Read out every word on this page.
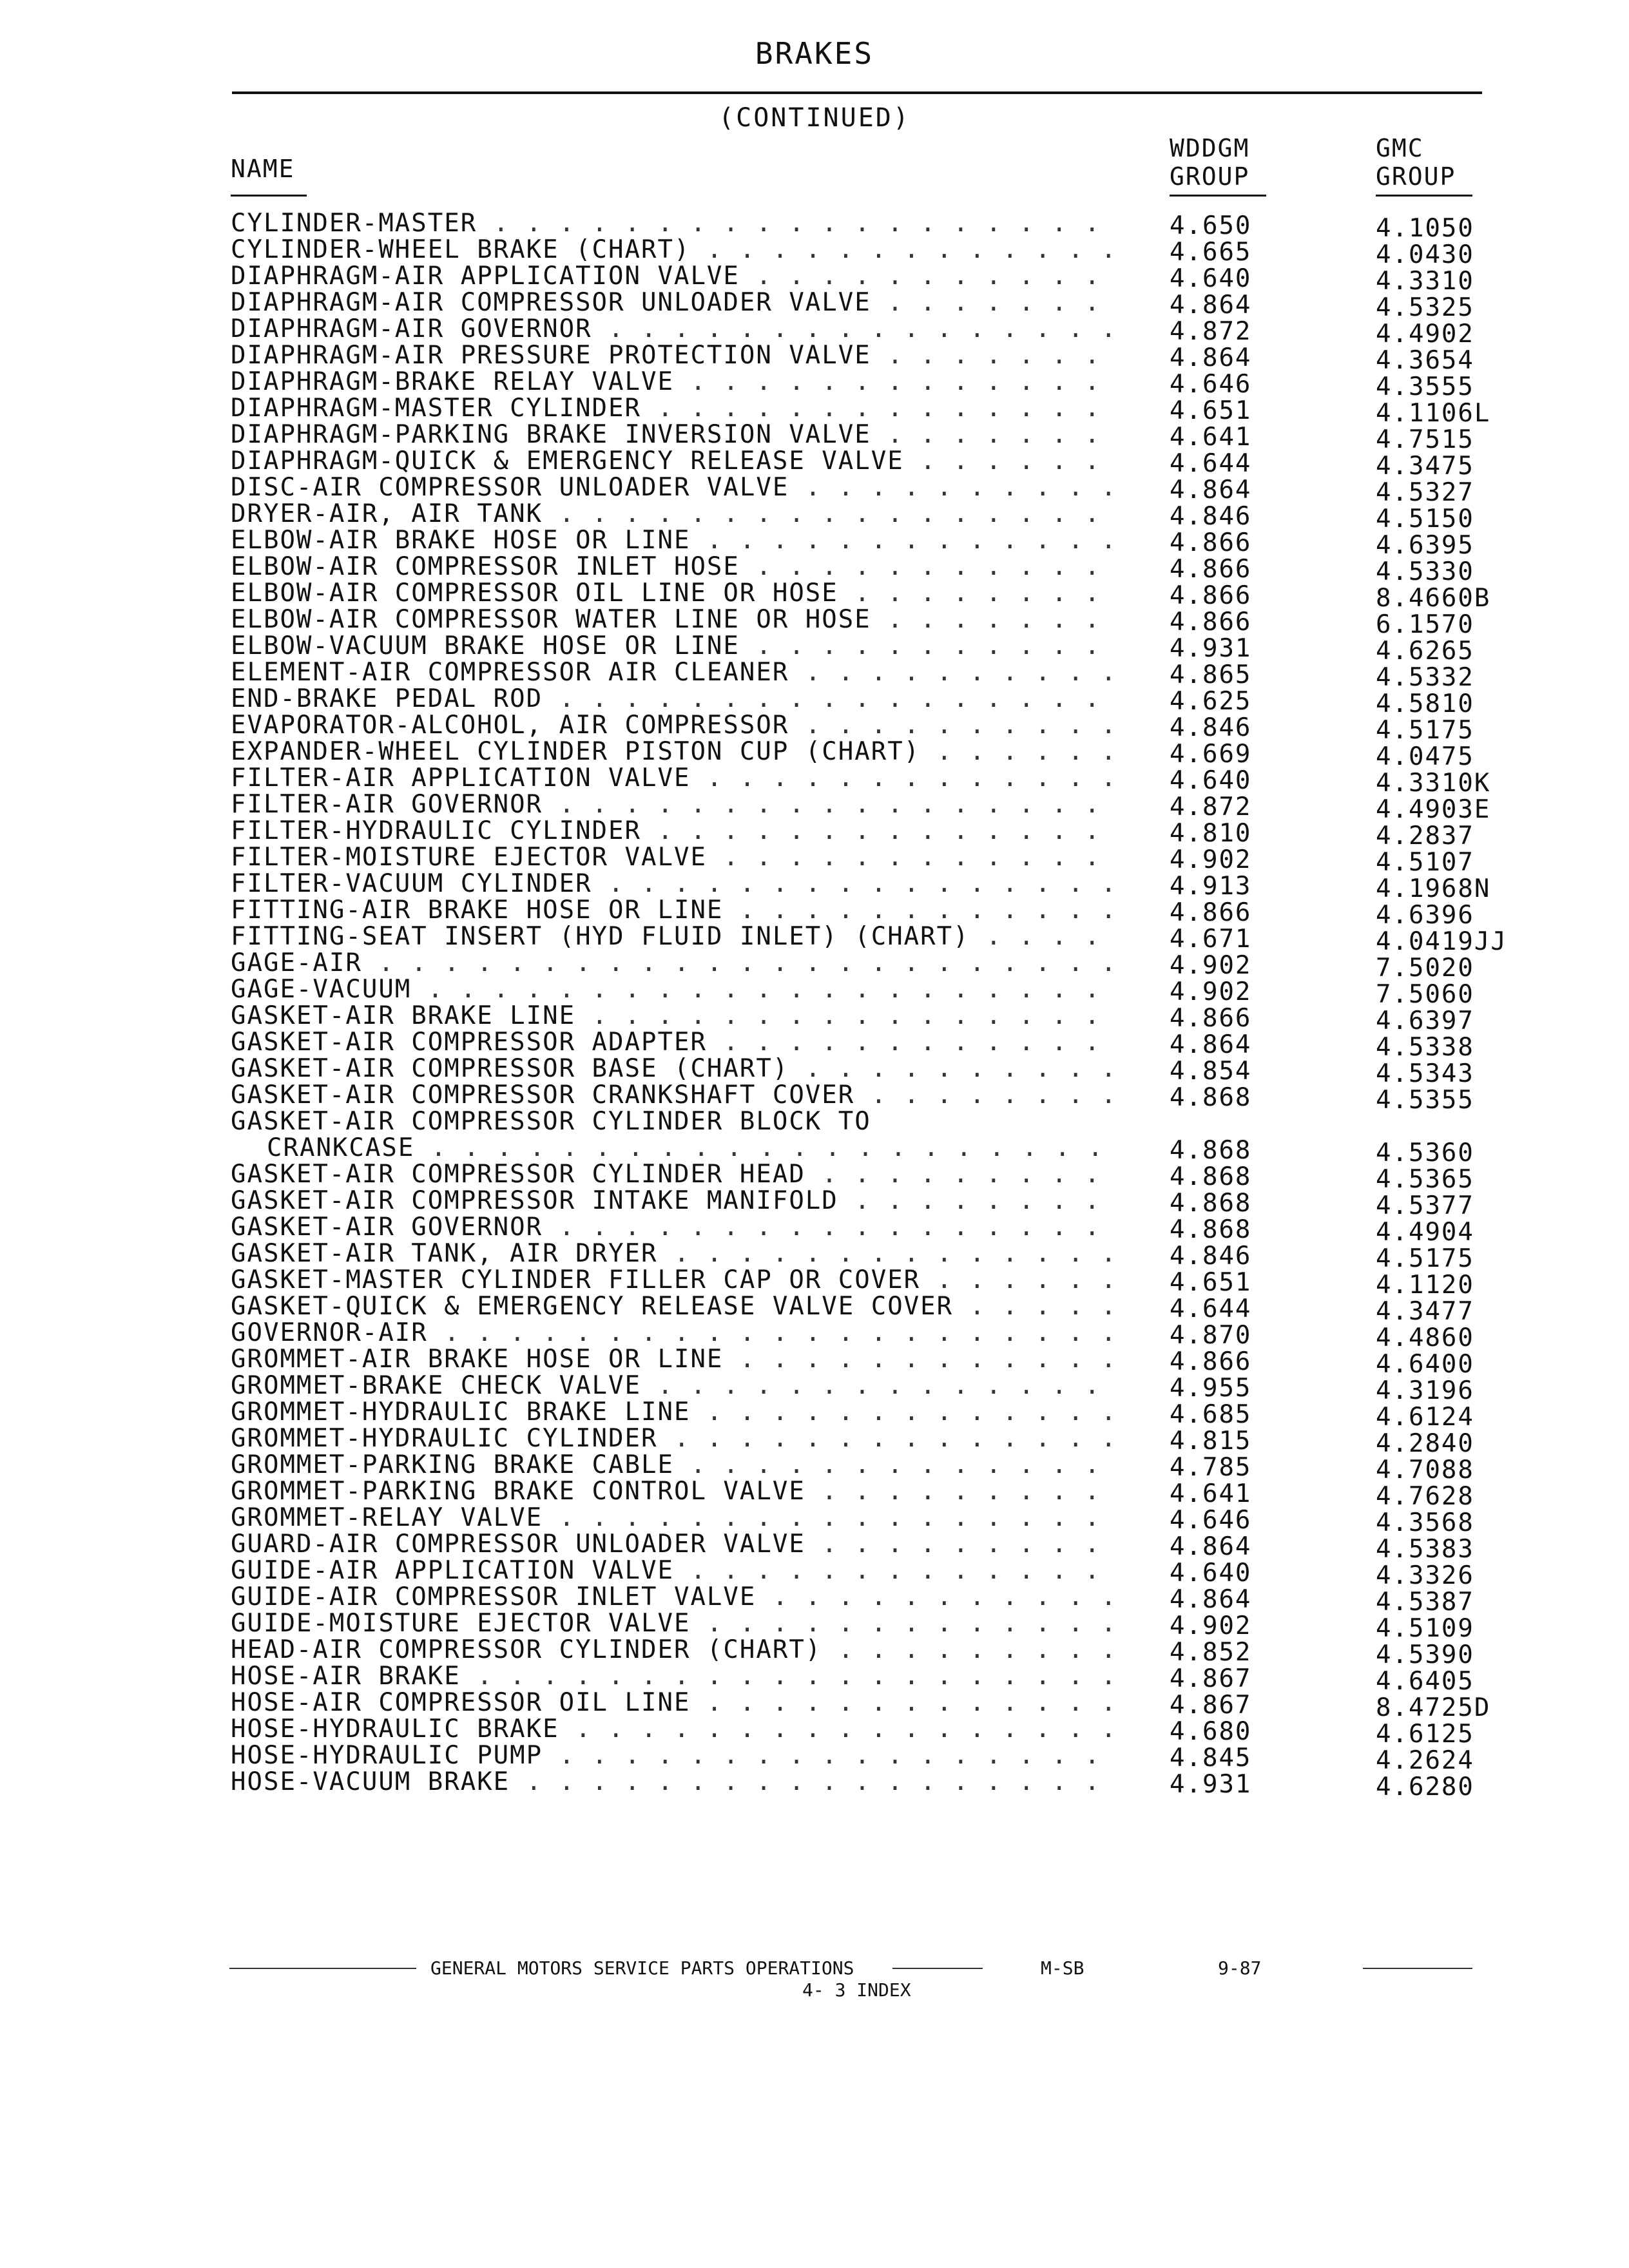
BRAKES
(CONTINUED)
NAME
WDDGM
GROUP
GMC
GROUP
CYLINDER-MASTER . . .	4.650	4.1050
CYLINDER-WHEEL BRAKE (CHART) . . .	4.665	4.0430
DIAPHRAGM-AIR APPLICATION VALVE . . .	4.640	4.3310
DIAPHRAGM-AIR COMPRESSOR UNLOADER VALVE . . .	4.864	4.5325
DIAPHRAGM-AIR GOVERNOR . . .	4.872	4.4902
DIAPHRAGM-AIR PRESSURE PROTECTION VALVE . . .	4.864	4.3654
DIAPHRAGM-BRAKE RELAY VALVE . . .	4.646	4.3555
DIAPHRAGM-MASTER CYLINDER . . .	4.651	4.1106L
DIAPHRAGM-PARKING BRAKE INVERSION VALVE . . .	4.641	4.7515
DIAPHRAGM-QUICK & EMERGENCY RELEASE VALVE . . .	4.644	4.3475
DISC-AIR COMPRESSOR UNLOADER VALVE . . .	4.864	4.5327
DRYER-AIR, AIR TANK . . .	4.846	4.5150
ELBOW-AIR BRAKE HOSE OR LINE . . .	4.866	4.6395
ELBOW-AIR COMPRESSOR INLET HOSE . . .	4.866	4.5330
ELBOW-AIR COMPRESSOR OIL LINE OR HOSE . . .	4.866	8.4660B
ELBOW-AIR COMPRESSOR WATER LINE OR HOSE . . .	4.866	6.1570
ELBOW-VACUUM BRAKE HOSE OR LINE . . .	4.931	4.6265
ELEMENT-AIR COMPRESSOR AIR CLEANER . . .	4.865	4.5332
END-BRAKE PEDAL ROD . . .	4.625	4.5810
EVAPORATOR-ALCOHOL, AIR COMPRESSOR . . .	4.846	4.5175
EXPANDER-WHEEL CYLINDER PISTON CUP (CHART) . . .	4.669	4.0475
FILTER-AIR APPLICATION VALVE . . .	4.640	4.3310K
FILTER-AIR GOVERNOR . . .	4.872	4.4903E
FILTER-HYDRAULIC CYLINDER . . .	4.810	4.2837
FILTER-MOISTURE EJECTOR VALVE . . .	4.902	4.5107
FILTER-VACUUM CYLINDER . . .	4.913	4.1968N
FITTING-AIR BRAKE HOSE OR LINE . . .	4.866	4.6396
FITTING-SEAT INSERT (HYD FLUID INLET) (CHART) . . .	4.671	4.0419JJ
GAGE-AIR . . .	4.902	7.5020
GAGE-VACUUM . . .	4.902	7.5060
GASKET-AIR BRAKE LINE . . .	4.866	4.6397
GASKET-AIR COMPRESSOR ADAPTER . . .	4.864	4.5338
GASKET-AIR COMPRESSOR BASE (CHART) . . .	4.854	4.5343
GASKET-AIR COMPRESSOR CRANKSHAFT COVER . . .	4.868	4.5355
GASKET-AIR COMPRESSOR CYLINDER BLOCK TO
CRANKCASE . . .	4.868	4.5360
GASKET-AIR COMPRESSOR CYLINDER HEAD . . .	4.868	4.5365
GASKET-AIR COMPRESSOR INTAKE MANIFOLD . . .	4.868	4.5377
GASKET-AIR GOVERNOR . . .	4.868	4.4904
GASKET-AIR TANK, AIR DRYER . . .	4.846	4.5175
GASKET-MASTER CYLINDER FILLER CAP OR COVER . . .	4.651	4.1120
GASKET-QUICK & EMERGENCY RELEASE VALVE COVER . . .	4.644	4.3477
GOVERNOR-AIR . . .	4.870	4.4860
GROMMET-AIR BRAKE HOSE OR LINE . . .	4.866	4.6400
GROMMET-BRAKE CHECK VALVE . . .	4.955	4.3196
GROMMET-HYDRAULIC BRAKE LINE . . .	4.685	4.6124
GROMMET-HYDRAULIC CYLINDER . . .	4.815	4.2840
GROMMET-PARKING BRAKE CABLE . . .	4.785	4.7088
GROMMET-PARKING BRAKE CONTROL VALVE . . .	4.641	4.7628
GROMMET-RELAY VALVE . . .	4.646	4.3568
GUARD-AIR COMPRESSOR UNLOADER VALVE . . .	4.864	4.5383
GUIDE-AIR APPLICATION VALVE . . .	4.640	4.3326
GUIDE-AIR COMPRESSOR INLET VALVE . . .	4.864	4.5387
GUIDE-MOISTURE EJECTOR VALVE . . .	4.902	4.5109
HEAD-AIR COMPRESSOR CYLINDER (CHART) . . .	4.852	4.5390
HOSE-AIR BRAKE . . .	4.867	4.6405
HOSE-AIR COMPRESSOR OIL LINE . . .	4.867	8.4725D
HOSE-HYDRAULIC BRAKE . . .	4.680	4.6125
HOSE-HYDRAULIC PUMP . . .	4.845	4.2624
HOSE-VACUUM BRAKE . . .	4.931	4.6280
GENERAL MOTORS SERVICE PARTS OPERATIONS	M-SB	9-87
4- 3 INDEX
